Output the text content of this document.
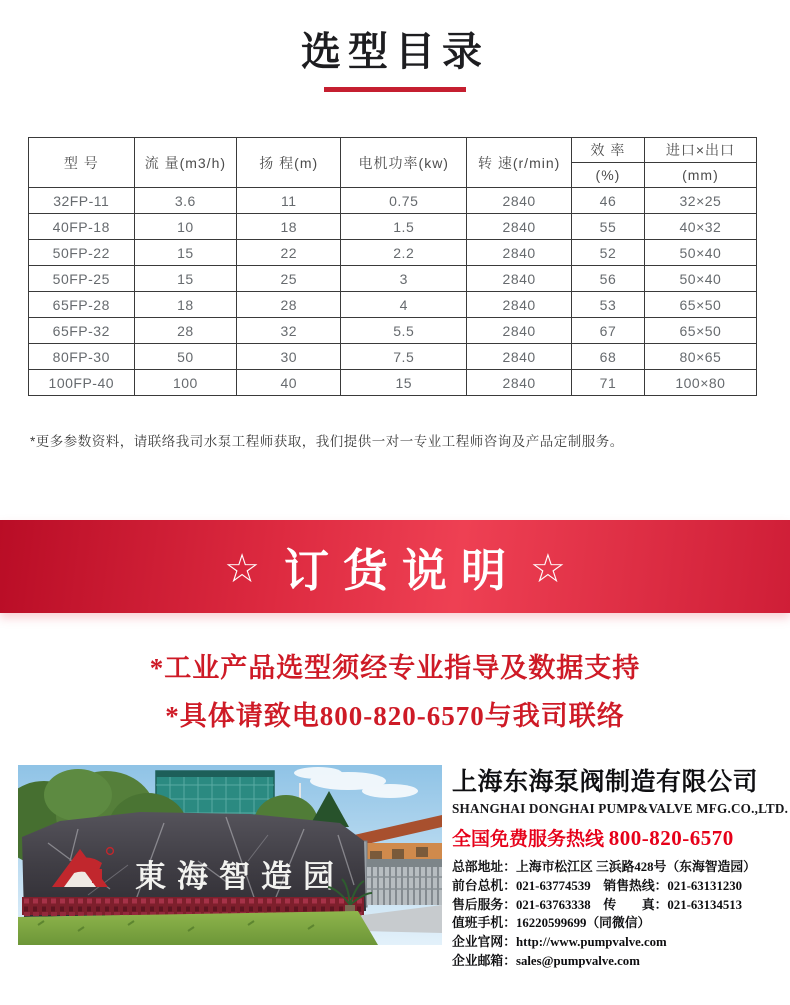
选型目录
型 号	流 量(m3/h)	扬 程(m)	电机功率(kw)	转 速(r/min)	效 率	进口×出口
					(%)	(mm)
32FP-11	3.6	11	0.75	2840	46	32×25
40FP-18	10	18	1.5	2840	55	40×32
50FP-22	15	22	2.2	2840	52	50×40
50FP-25	15	25	3	2840	56	50×40
65FP-28	18	28	4	2840	53	65×50
65FP-32	28	32	5.5	2840	67	65×50
80FP-30	50	30	7.5	2840	68	80×65
100FP-40	100	40	15	2840	71	100×80
*更多参数资料，请联络我司水泵工程师获取，我们提供一对一专业工程师咨询及产品定制服务。
☆ 订货说明 ☆
*工业产品选型须经专业指导及数据支持
*具体请致电800-820-6570与我司联络
東海智造园
上海东海泵阀制造有限公司
SHANGHAI DONGHAI PUMP&VALVE MFG.CO.,LTD.
全国免费服务热线 800-820-6570
总部地址：上海市松江区 三浜路428号（东海智造园）
前台总机：021-63774539　销售热线：021-63131230
售后服务：021-63763338　传　　真：021-63134513
值班手机：16220599699（同微信）
企业官网：http://www.pumpvalve.com
企业邮箱：sales@pumpvalve.com
